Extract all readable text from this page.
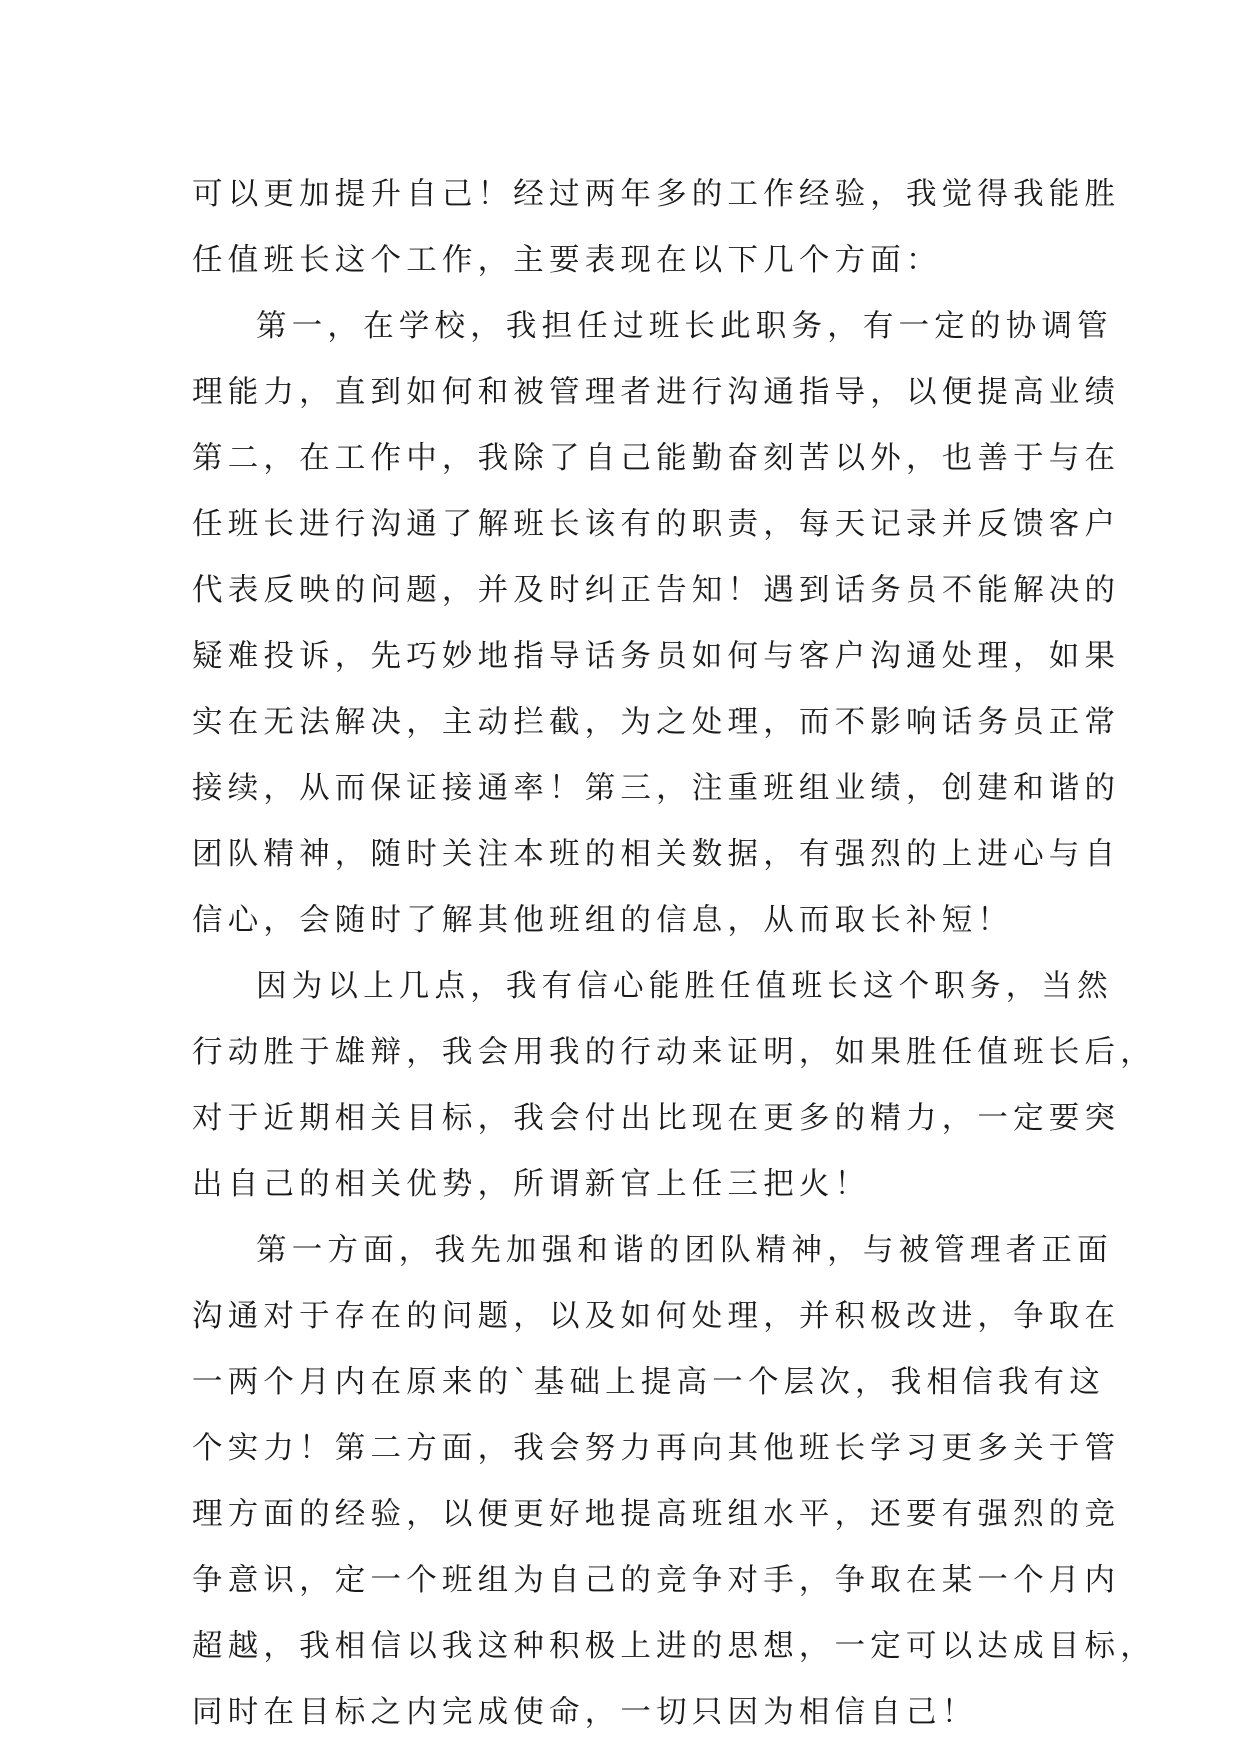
可以更加提升自己！经过两年多的工作经验，我觉得我能胜
任值班长这个工作，主要表现在以下几个方面：
第一，在学校，我担任过班长此职务，有一定的协调管
理能力，直到如何和被管理者进行沟通指导，以便提高业绩
第二，在工作中，我除了自己能勤奋刻苦以外，也善于与在
任班长进行沟通了解班长该有的职责，每天记录并反馈客户
代表反映的问题，并及时纠正告知！遇到话务员不能解决的
疑难投诉，先巧妙地指导话务员如何与客户沟通处理，如果
实在无法解决，主动拦截，为之处理，而不影响话务员正常
接续，从而保证接通率！第三，注重班组业绩，创建和谐的
团队精神，随时关注本班的相关数据，有强烈的上进心与自
信心，会随时了解其他班组的信息，从而取长补短！
因为以上几点，我有信心能胜任值班长这个职务，当然
行动胜于雄辩，我会用我的行动来证明，如果胜任值班长后，
对于近期相关目标，我会付出比现在更多的精力，一定要突
出自己的相关优势，所谓新官上任三把火！
第一方面，我先加强和谐的团队精神，与被管理者正面
沟通对于存在的问题，以及如何处理，并积极改进，争取在
一两个月内在原来的`基础上提高一个层次，我相信我有这
个实力！第二方面，我会努力再向其他班长学习更多关于管
理方面的经验，以便更好地提高班组水平，还要有强烈的竞
争意识，定一个班组为自己的竞争对手，争取在某一个月内
超越，我相信以我这种积极上进的思想，一定可以达成目标，
同时在目标之内完成使命，一切只因为相信自己！
